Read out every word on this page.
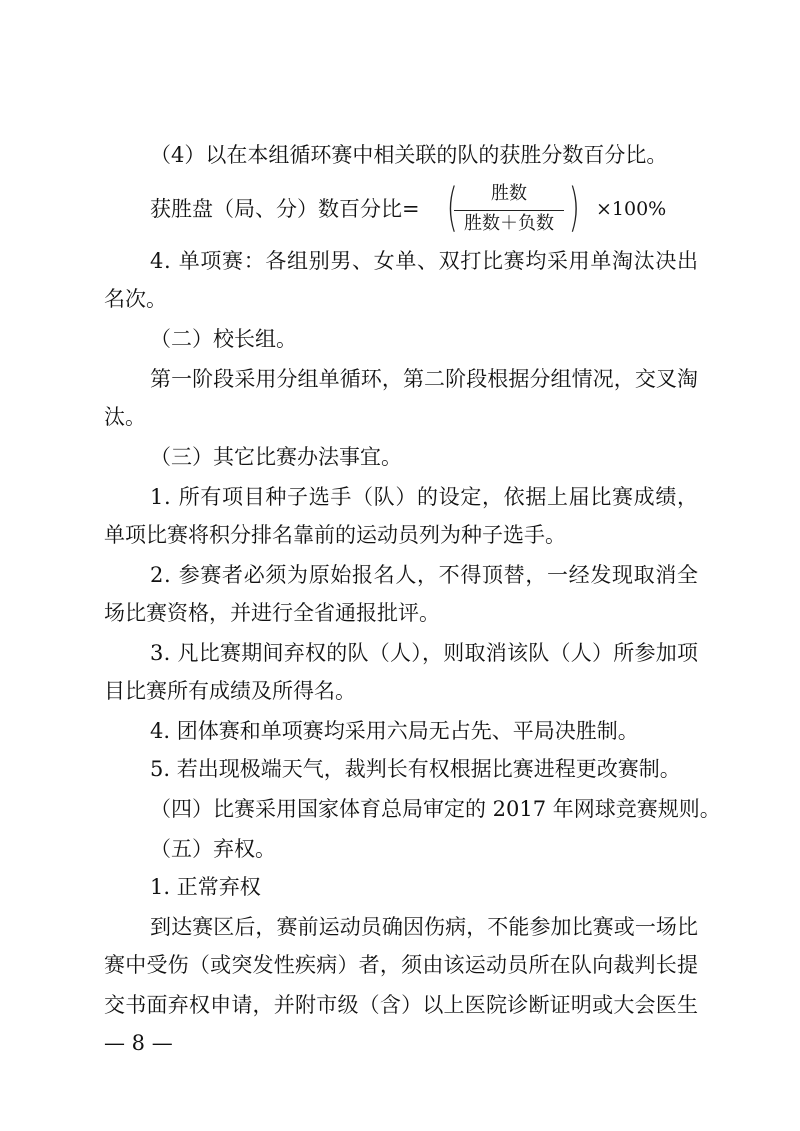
（4）以在本组循环赛中相关联的队的获胜分数百分比。
获胜盘（局、分）数百分比= (	胜数
胜数＋负数 ) ×100%
4. 单项赛：各组别男、女单、双打比赛均采用单淘汰决出
名次。
（二）校长组。
第一阶段采用分组单循环，第二阶段根据分组情况，交叉淘
汰。
（三）其它比赛办法事宜。
1. 所有项目种子选手（队）的设定，依据上届比赛成绩，
单项比赛将积分排名靠前的运动员列为种子选手。
2. 参赛者必须为原始报名人，不得顶替，一经发现取消全
场比赛资格，并进行全省通报批评。
3. 凡比赛期间弃权的队（人），则取消该队（人）所参加项
目比赛所有成绩及所得名。
4. 团体赛和单项赛均采用六局无占先、平局决胜制。
5. 若出现极端天气，裁判长有权根据比赛进程更改赛制。
（四）比赛采用国家体育总局审定的 2017 年网球竞赛规则。
（五）弃权。
1. 正常弃权
到达赛区后，赛前运动员确因伤病，不能参加比赛或一场比
赛中受伤（或突发性疾病）者，须由该运动员所在队向裁判长提
交书面弃权申请，并附市级（含）以上医院诊断证明或大会医生
— 8 —
